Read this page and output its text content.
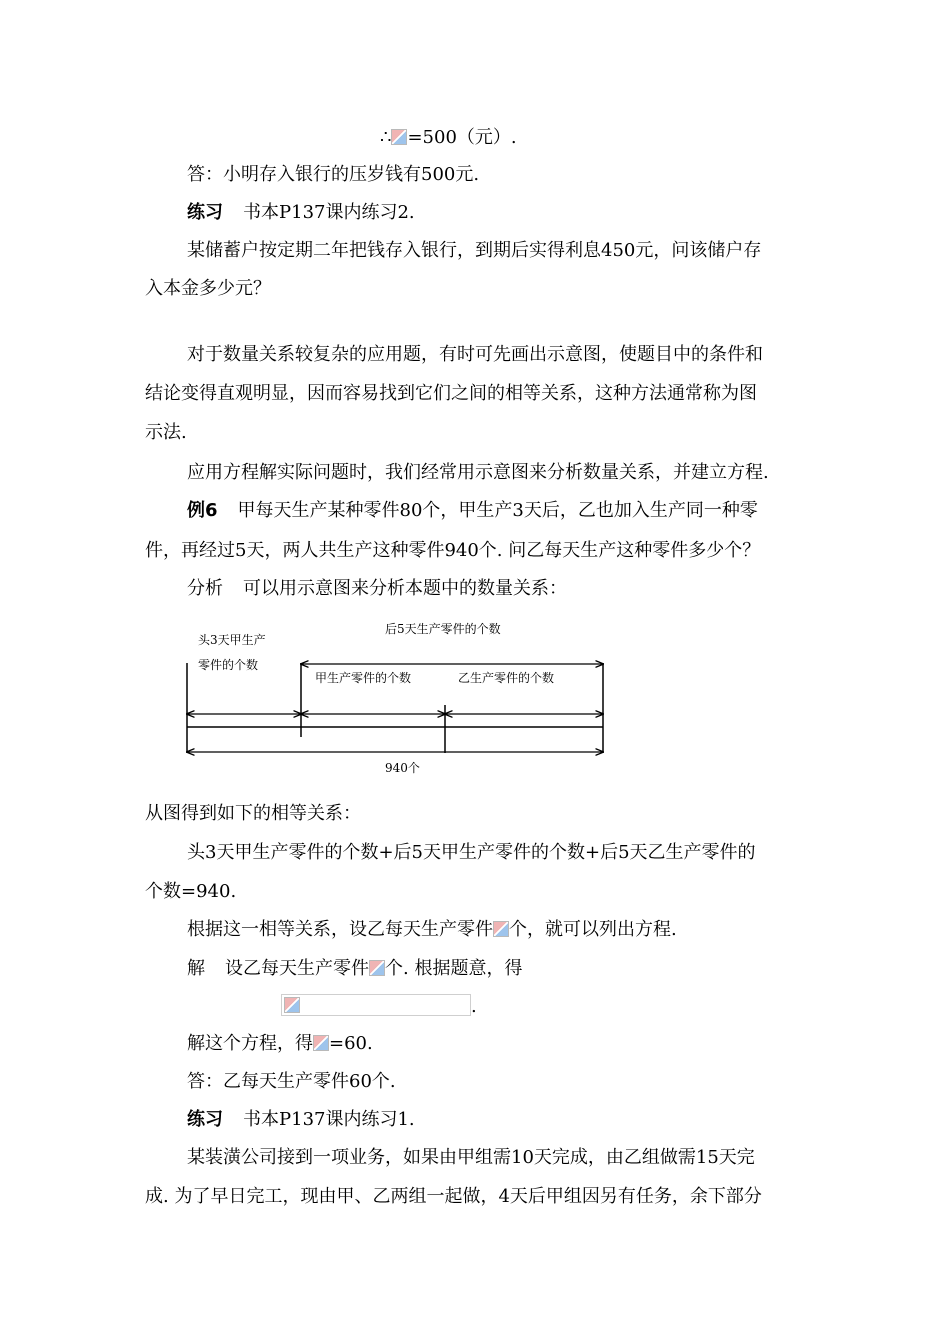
∴ =500（元）.
答：小明存入银行的压岁钱有500元.
练习 书本P137课内练习2.
某储蓄户按定期二年把钱存入银行，到期后实得利息450元，问该储户存
入本金多少元？
对于数量关系较复杂的应用题，有时可先画出示意图，使题目中的条件和
结论变得直观明显，因而容易找到它们之间的相等关系，这种方法通常称为图
示法.
应用方程解实际问题时，我们经常用示意图来分析数量关系，并建立方程.
例6 甲每天生产某种零件80个，甲生产3天后，乙也加入生产同一种零
件，再经过5天，两人共生产这种零件940个. 问乙每天生产这种零件多少个？
分析 可以用示意图来分析本题中的数量关系：
头3天甲生产
零件的个数
后5天生产零件的个数
甲生产零件的个数	乙生产零件的个数
940个
从图得到如下的相等关系：
头3天甲生产零件的个数+后5天甲生产零件的个数+后5天乙生产零件的
个数=940.
根据这一相等关系，设乙每天生产零件 个，就可以列出方程.
解 设乙每天生产零件 个. 根据题意，得
.
解这个方程，得 =60.
答：乙每天生产零件60个.
练习 书本P137课内练习1.
某装潢公司接到一项业务，如果由甲组需10天完成，由乙组做需15天完
成. 为了早日完工，现由甲、乙两组一起做，4天后甲组因另有任务，余下部分
